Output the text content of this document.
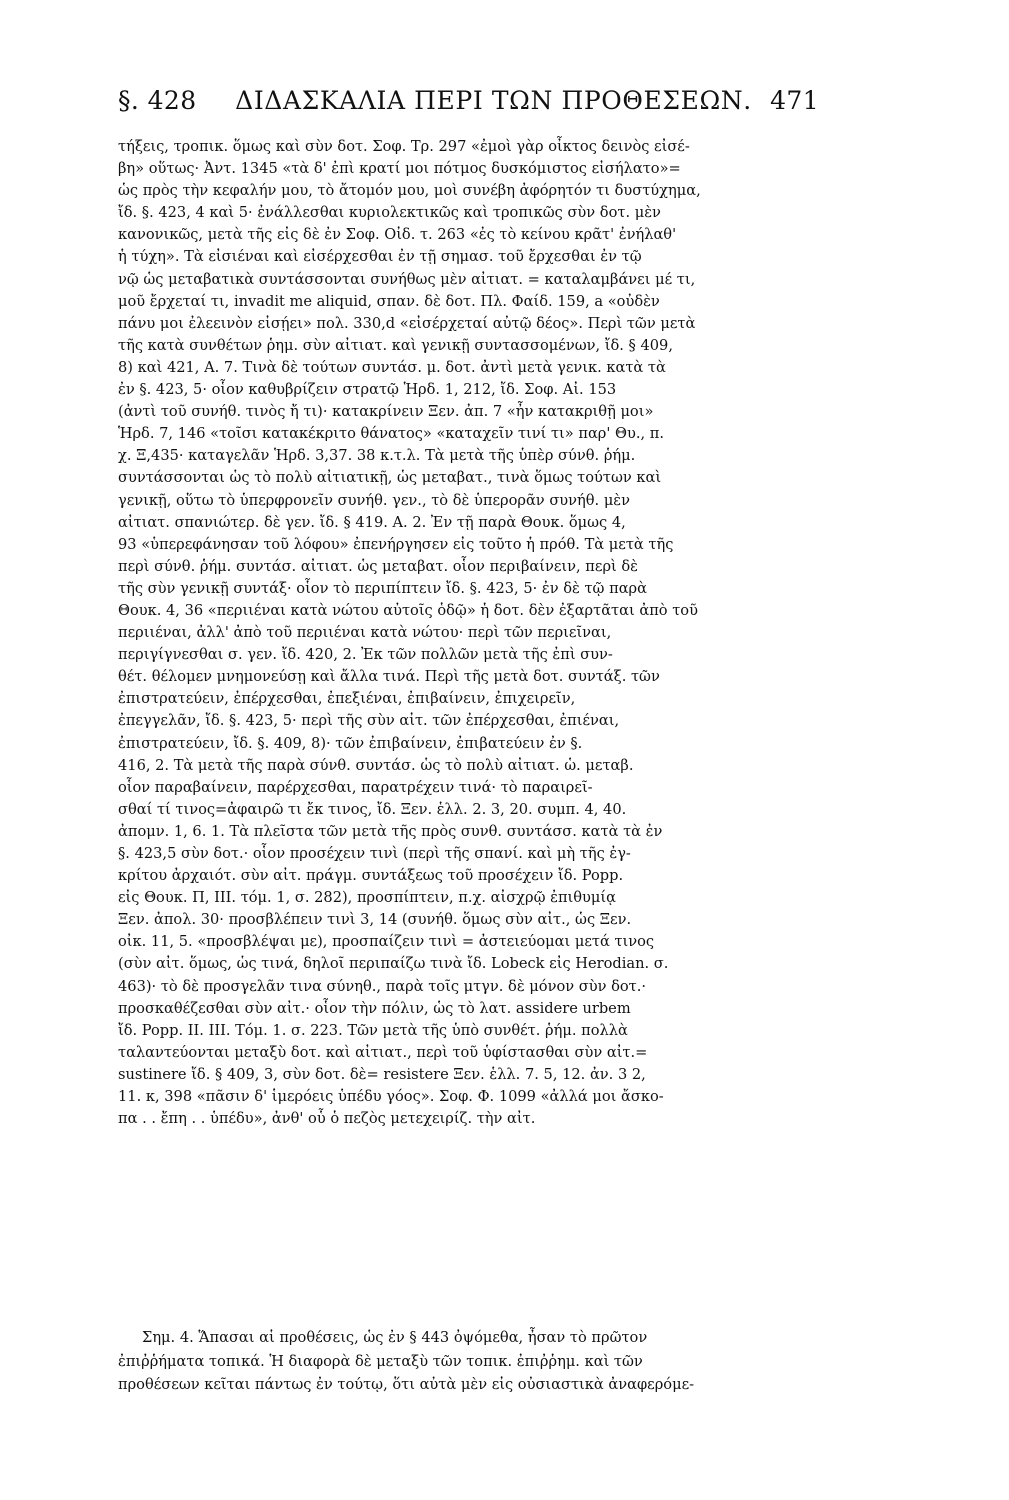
§. 428	ΔΙΔΑΣΚΑΛΙΑ ΠΕΡΙ ΤΩΝ ΠΡΟΘΕΣΕΩΝ. 471
τήξεις, τροπικ. ὅμως καὶ σὺν δοτ. Σοφ. Τρ. 297 «ἐμοὶ γὰρ οἶκτος δεινὸς εἰσέ-
βη» οὕτως· Ἀντ. 1345 «τὰ δ' ἐπὶ κρατί μοι πότμος δυσκόμιστος εἰσήλατο»=
ὡς πρὸς τὴν κεφαλήν μου, τὸ ἄτομόν μου, μοὶ συνέβη ἀφόρητόν τι δυστύχημα,
ἴδ. §. 423, 4 καὶ 5· ἐνάλλεσθαι κυριολεκτικῶς καὶ τροπικῶς σὺν δοτ. μὲν
κανονικῶς, μετὰ τῆς εἰς δὲ ἐν Σοφ. Οἰδ. τ. 263 «ἐς τὸ κείνου κρᾶτ' ἐνήλαθ'
ἡ τύχη». Τὰ εἰσιέναι καὶ εἰσέρχεσθαι ἐν τῇ σημασ. τοῦ ἔρχεσθαι ἐν τῷ
νῷ ὡς μεταβατικὰ συντάσσονται συνήθως μὲν αἰτιατ. = καταλαμβάνει μέ τι,
μοῦ ἔρχεταί τι, invadit me aliquid, σπαν. δὲ δοτ. Πλ. Φαίδ. 159, a «οὐδὲν
πάνυ μοι ἐλεεινὸν εἰσῄει» πολ. 330,d «εἰσέρχεταί αὐτῷ δέος». Περὶ τῶν μετὰ
τῆς κατὰ συνθέτων ῥημ. σὺν αἰτιατ. καὶ γενικῇ συντασσομένων, ἴδ. § 409,
8) καὶ 421, Α. 7. Τινὰ δὲ τούτων συντάσ. μ. δοτ. ἀντὶ μετὰ γενικ. κατὰ τὰ
ἐν §. 423, 5· οἷον καθυβρίζειν στρατῷ Ἡρδ. 1, 212, ἴδ. Σοφ. Αἰ. 153
(ἀντὶ τοῦ συνήθ. τινὸς ἤ τι)· κατακρίνειν Ξεν. ἀπ. 7 «ἦν κατακριθῇ μοι»
Ἡρδ. 7, 146 «τοῖσι κατακέκριτο θάνατος» «καταχεῖν τινί τι» παρ' Θυ., π.
χ. Ξ,435· καταγελᾶν Ἡρδ. 3,37. 38 κ.τ.λ. Τὰ μετὰ τῆς ὑπὲρ σύνθ. ῥήμ.
συντάσσονται ὡς τὸ πολὺ αἰτιατικῇ, ὡς μεταβατ., τινὰ ὅμως τούτων καὶ
γενικῇ, οὕτω τὸ ὑπερφρονεῖν συνήθ. γεν., τὸ δὲ ὑπερορᾶν συνήθ. μὲν
αἰτιατ. σπανιώτερ. δὲ γεν. ἴδ. § 419. Α. 2. Ἐν τῇ παρὰ Θουκ. ὅμως 4,
93 «ὑπερεφάνησαν τοῦ λόφου» ἐπενήργησεν εἰς τοῦτο ἡ πρόθ. Τὰ μετὰ τῆς
περὶ σύνθ. ῥήμ. συντάσ. αἰτιατ. ὡς μεταβατ. οἷον περιβαίνειν, περὶ δὲ
τῆς σὺν γενικῇ συντάξ· οἷον τὸ περιπίπτειν ἴδ. §. 423, 5· ἐν δὲ τῷ παρὰ
Θουκ. 4, 36 «περιιέναι κατὰ νώτου αὐτοῖς ὁδῷ» ἡ δοτ. δὲν ἐξαρτᾶται ἀπὸ τοῦ
περιιέναι, ἀλλ' ἀπὸ τοῦ περιιέναι κατὰ νώτου· περὶ τῶν περιεῖναι,
περιγίγνεσθαι σ. γεν. ἴδ. 420, 2. Ἐκ τῶν πολλῶν μετὰ τῆς ἐπὶ συν-
θέτ. θέλομεν μνημονεύσῃ καὶ ἄλλα τινά. Περὶ τῆς μετὰ δοτ. συντάξ. τῶν
ἐπιστρατεύειν, ἐπέρχεσθαι, ἐπεξιέναι, ἐπιβαίνειν, ἐπιχειρεῖν,
ἐπεγγελᾶν, ἴδ. §. 423, 5· περὶ τῆς σὺν αἰτ. τῶν ἐπέρχεσθαι, ἐπιέναι,
ἐπιστρατεύειν, ἴδ. §. 409, 8)· τῶν ἐπιβαίνειν, ἐπιβατεύειν ἐν §.
416, 2. Τὰ μετὰ τῆς παρὰ σύνθ. συντάσ. ὡς τὸ πολὺ αἰτιατ. ὡ. μεταβ.
οἷον παραβαίνειν, παρέρχεσθαι, παρατρέχειν τινά· τὸ παραιρεῖ-
σθαί τί τινος=ἀφαιρῶ τι ἔκ τινος, ἴδ. Ξεν. ἑλλ. 2. 3, 20. συμπ. 4, 40.
ἀπομν. 1, 6. 1. Τὰ πλεῖστα τῶν μετὰ τῆς πρὸς συνθ. συντάσσ. κατὰ τὰ ἐν
§. 423,5 σὺν δοτ.· οἷον προσέχειν τινὶ (περὶ τῆς σπανί. καὶ μὴ τῆς ἐγ-
κρίτου ἀρχαιότ. σὺν αἰτ. πράγμ. συντάξεως τοῦ προσέχειν ἴδ. Popp.
εἰς Θουκ. Π, ΙΙΙ. τόμ. 1, σ. 282), προσπίπτειν, π.χ. αἰσχρῷ ἐπιθυμίᾳ
Ξεν. ἀπολ. 30· προσβλέπειν τινὶ 3, 14 (συνήθ. ὅμως σὺν αἰτ., ὡς Ξεν.
οἰκ. 11, 5. «προσβλέψαι με), προσπαίζειν τινὶ = ἀστειεύομαι μετά τινος
(σὺν αἰτ. ὅμως, ὡς τινά, δηλοῖ περιπαίζω τινὰ ἴδ. Lobeck εἰς Herodian. σ.
463)· τὸ δὲ προσγελᾶν τινα σύνηθ., παρὰ τοῖς μτγν. δὲ μόνον σὺν δοτ.·
προσκαθέζεσθαι σὺν αἰτ.· οἷον τὴν πόλιν, ὡς τὸ λατ. assidere urbem
ἴδ. Popp. II. III. Τόμ. 1. σ. 223. Τῶν μετὰ τῆς ὑπὸ συνθέτ. ῥήμ. πολλὰ
ταλαντεύονται μεταξὺ δοτ. καὶ αἰτιατ., περὶ τοῦ ὑφίστασθαι σὺν αἰτ.=
sustinere ἴδ. § 409, 3, σὺν δοτ. δὲ= resistere Ξεν. ἑλλ. 7. 5, 12. ἀν. 3 2,
11. κ, 398 «πᾶσιν δ' ἱμερόεις ὑπέδυ γόος». Σοφ. Φ. 1099 «ἀλλά μοι ἄσκο-
πα . . ἔπη . . ὑπέδυ», ἀνθ' οὗ ὁ πεζὸς μετεχειρίζ. τὴν αἰτ.
Σημ. 4. Ἅπασαι αἱ προθέσεις, ὡς ἐν § 443 ὀψόμεθα, ἦσαν τὸ πρῶτον
ἐπιῤῥήματα τοπικά. Ἡ διαφορὰ δὲ μεταξὺ τῶν τοπικ. ἐπιῤῥημ. καὶ τῶν
προθέσεων κεῖται πάντως ἐν τούτῳ, ὅτι αὐτὰ μὲν εἰς οὐσιαστικὰ ἀναφερόμε-
